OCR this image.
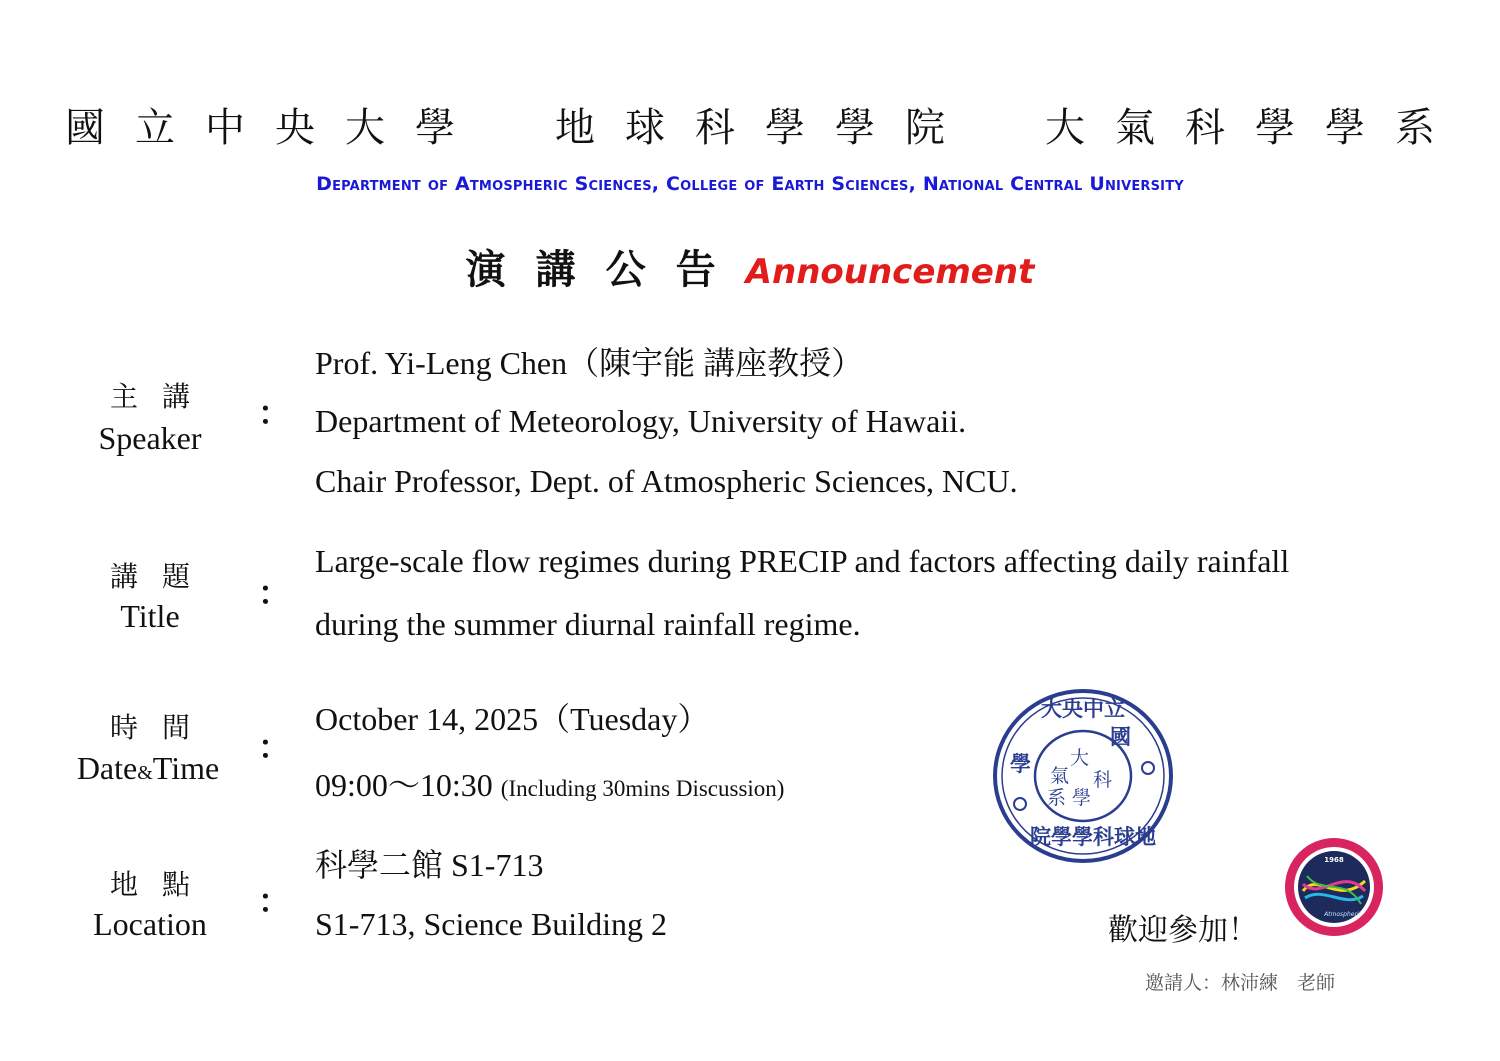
國立中央大學　地球科學學院　大氣科學學系
Department of Atmospheric Sciences, College of Earth Sciences, National Central University
演講公告Announcement
主講
Speaker
：
Prof. Yi-Leng Chen（陳宇能 講座教授）
Department of Meteorology, University of Hawaii.
Chair Professor, Dept. of Atmospheric Sciences, NCU.
講題
Title
：
Large-scale flow regimes during PRECIP and factors affecting daily rainfall
during the summer diurnal rainfall regime.
時間
Date&Time
：
October 14, 2025（Tuesday）
09:00～10:30 (Including 30mins Discussion)
地點
Location
：
科學二館 S1-713
S1-713, Science Building 2
大央中立
國
學
院學學科球地
大
氣 科
系 學
1968
Atmospheric
歡迎參加！
邀請人：林沛練　老師
